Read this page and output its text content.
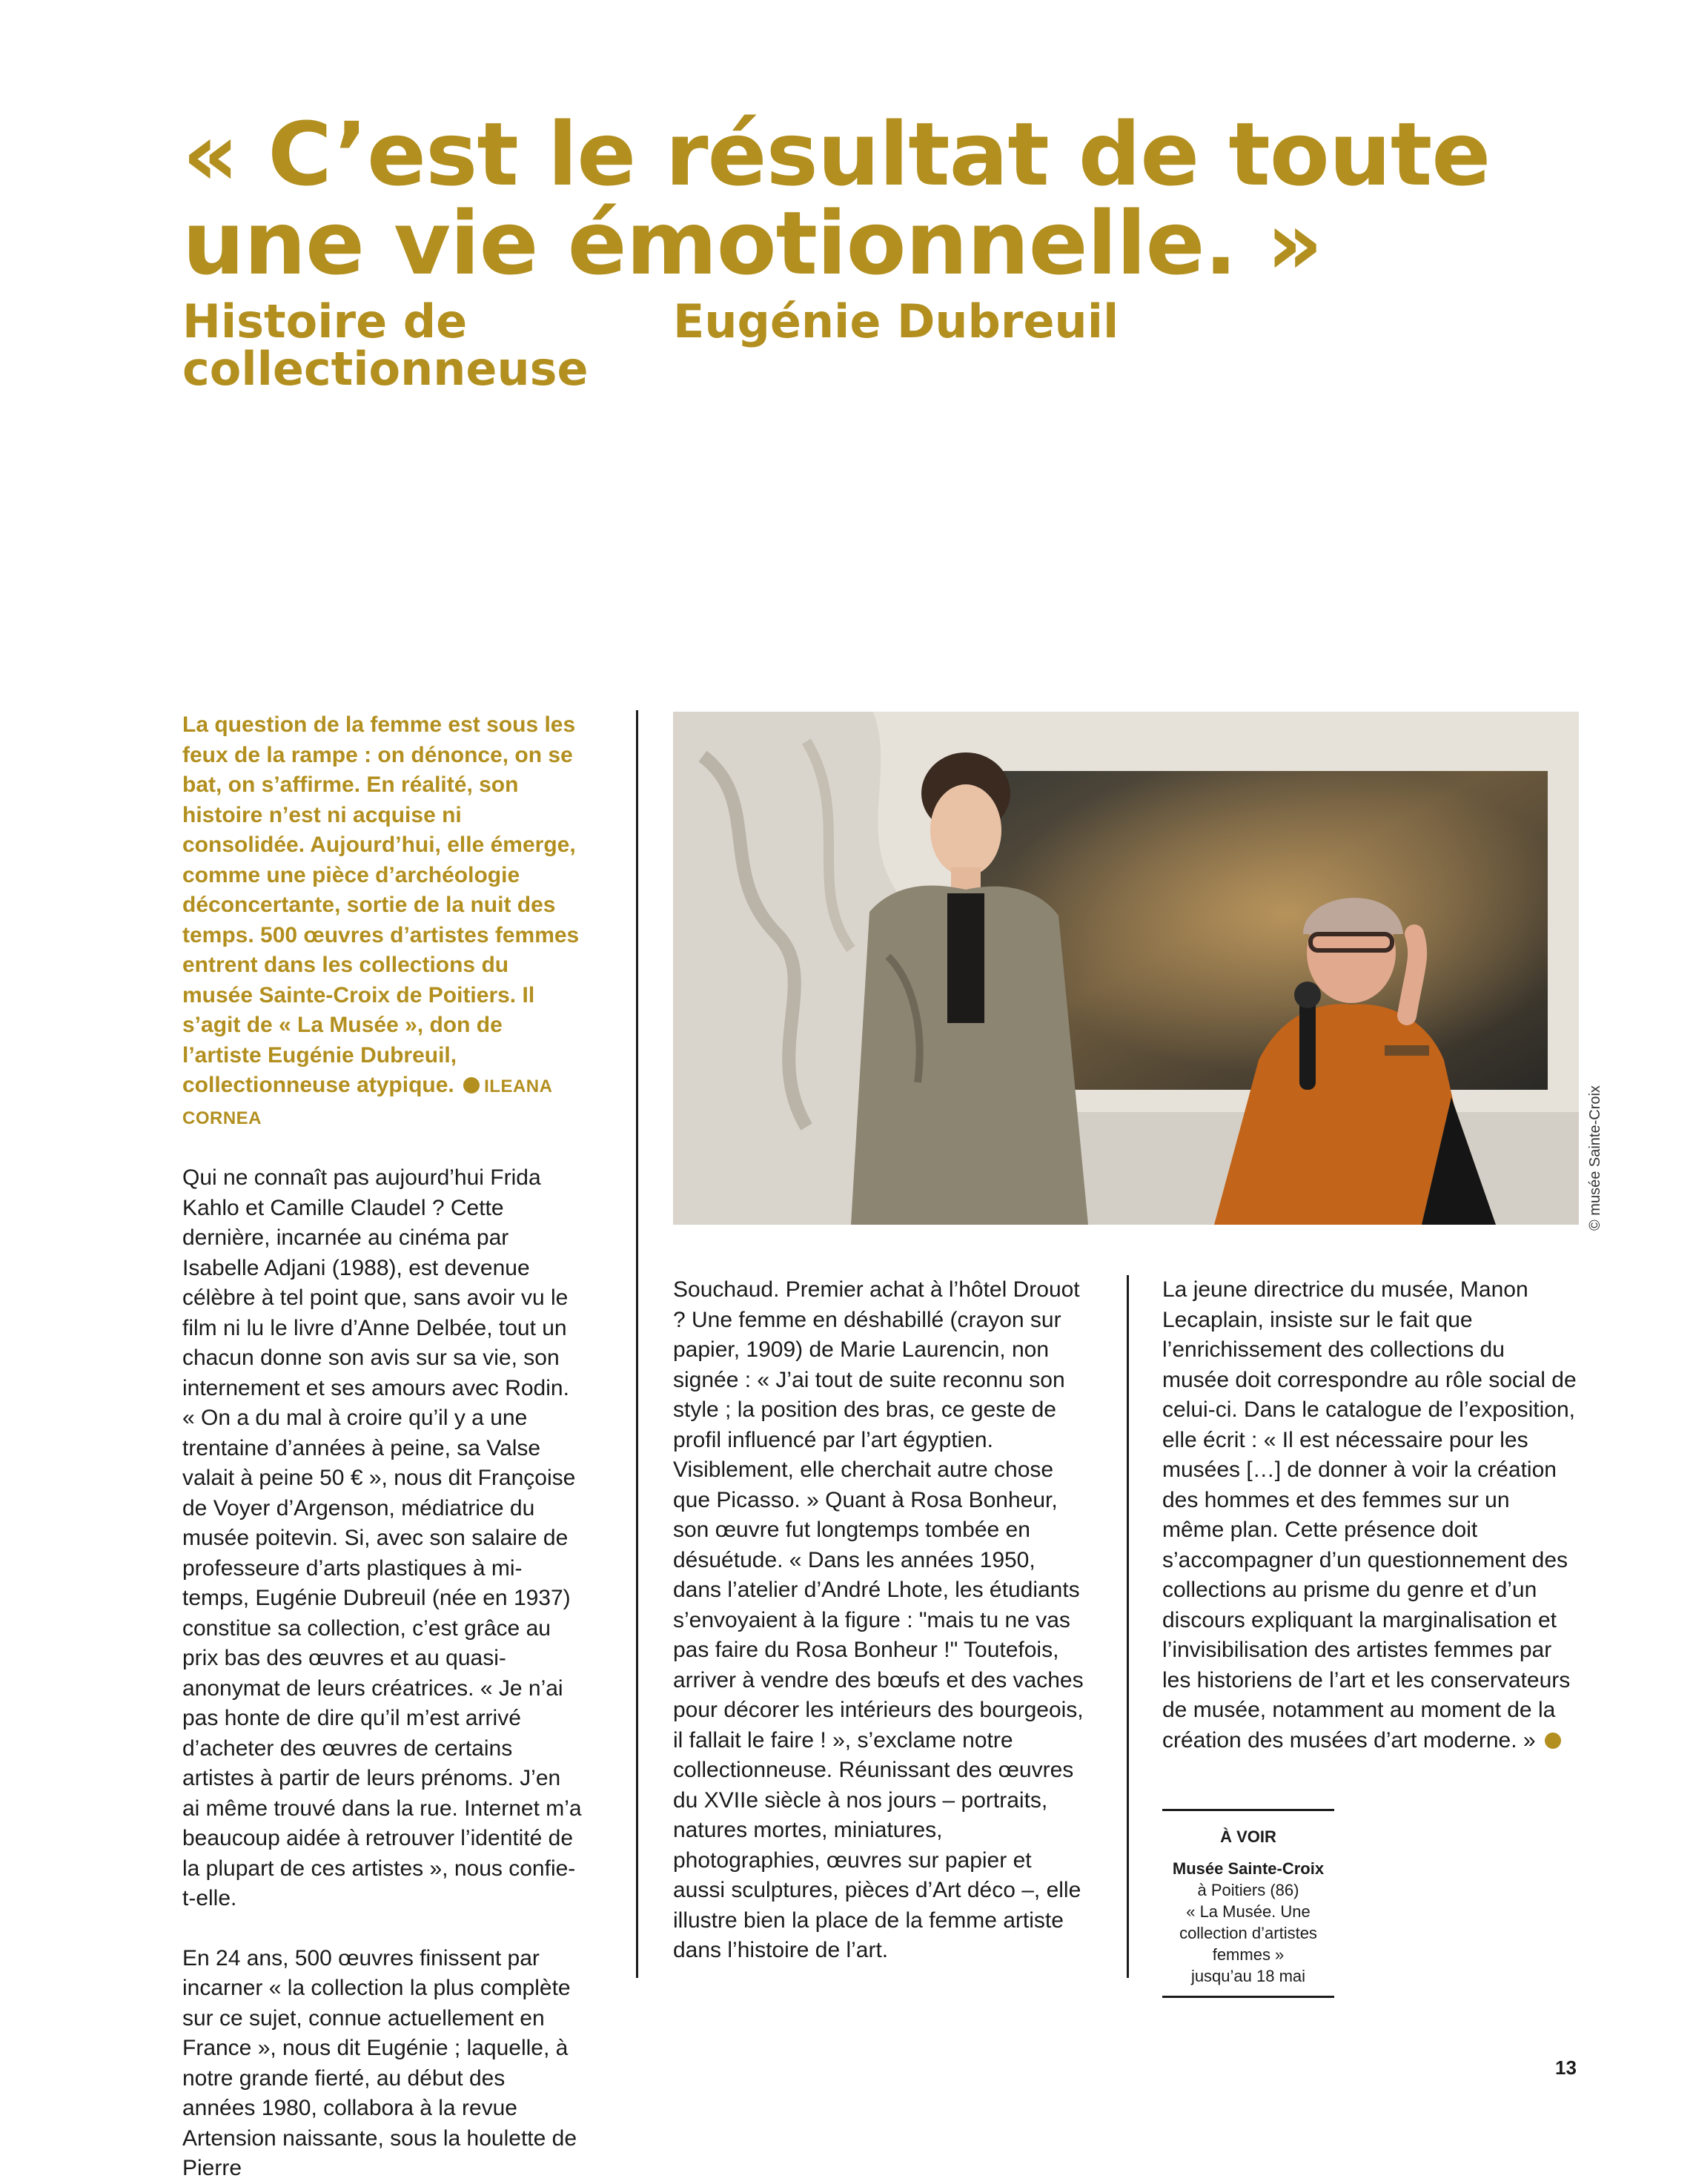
« C’est le résultat de toute une vie émotionnelle. »
Histoire de collectionneuse
Eugénie Dubreuil

La question de la femme est sous les feux de la rampe : on dénonce, on se bat, on s’affirme. En réalité, son histoire n’est ni acquise ni consolidée. Aujourd’hui, elle émerge, comme une pièce d’archéologie déconcertante, sortie de la nuit des temps. 500 œuvres d’artistes femmes entrent dans les collections du musée Sainte-Croix de Poitiers. Il s’agit de « La Musée », don de l’artiste Eugénie Dubreuil, collectionneuse atypique. ILEANA CORNEA

Qui ne connaît pas aujourd’hui Frida Kahlo et Camille Claudel ? Cette dernière, incarnée au cinéma par Isabelle Adjani (1988), est devenue célèbre à tel point que, sans avoir vu le film ni lu le livre d’Anne Delbée, tout un chacun donne son avis sur sa vie, son internement et ses amours avec Rodin. « On a du mal à croire qu’il y a une trentaine d’années à peine, sa Valse valait à peine 50 € », nous dit Françoise de Voyer d’Argenson, médiatrice du musée poitevin. Si, avec son salaire de professeure d’arts plastiques à mi-temps, Eugénie Dubreuil (née en 1937) constitue sa collection, c’est grâce au prix bas des œuvres et au quasi-anonymat de leurs créatrices. « Je n’ai pas honte de dire qu’il m’est arrivé d’acheter des œuvres de certains artistes à partir de leurs prénoms. J’en ai même trouvé dans la rue. Internet m’a beaucoup aidée à retrouver l’identité de la plupart de ces artistes », nous confie-t-elle.

En 24 ans, 500 œuvres finissent par incarner « la collection la plus complète sur ce sujet, connue actuellement en France », nous dit Eugénie ; laquelle, à notre grande fierté, au début des années 1980, collabora à la revue Artension naissante, sous la houlette de Pierre

© musée Sainte-Croix

Souchaud. Premier achat à l’hôtel Drouot ? Une femme en déshabillé (crayon sur papier, 1909) de Marie Laurencin, non signée : « J’ai tout de suite reconnu son style ; la position des bras, ce geste de profil influencé par l’art égyptien. Visiblement, elle cherchait autre chose que Picasso. » Quant à Rosa Bonheur, son œuvre fut longtemps tombée en désuétude. « Dans les années 1950, dans l’atelier d’André Lhote, les étudiants s’envoyaient à la figure : "mais tu ne vas pas faire du Rosa Bonheur !" Toutefois, arriver à vendre des bœufs et des vaches pour décorer les intérieurs des bourgeois, il fallait le faire ! », s’exclame notre collectionneuse. Réunissant des œuvres du XVIIe siècle à nos jours – portraits, natures mortes, miniatures, photographies, œuvres sur papier et aussi sculptures, pièces d’Art déco –, elle illustre bien la place de la femme artiste dans l’histoire de l’art.

La jeune directrice du musée, Manon Lecaplain, insiste sur le fait que l’enrichissement des collections du musée doit correspondre au rôle social de celui-ci. Dans le catalogue de l’exposition, elle écrit : « Il est nécessaire pour les musées […] de donner à voir la création des hommes et des femmes sur un même plan. Cette présence doit s’accompagner d’un questionnement des collections au prisme du genre et d’un discours expliquant la marginalisation et l’invisibilisation des artistes femmes par les historiens de l’art et les conservateurs de musée, notamment au moment de la création des musées d’art moderne. »

À VOIR
Musée Sainte-Croix
à Poitiers (86)
« La Musée. Une collection d’artistes femmes »
jusqu’au 18 mai
13
